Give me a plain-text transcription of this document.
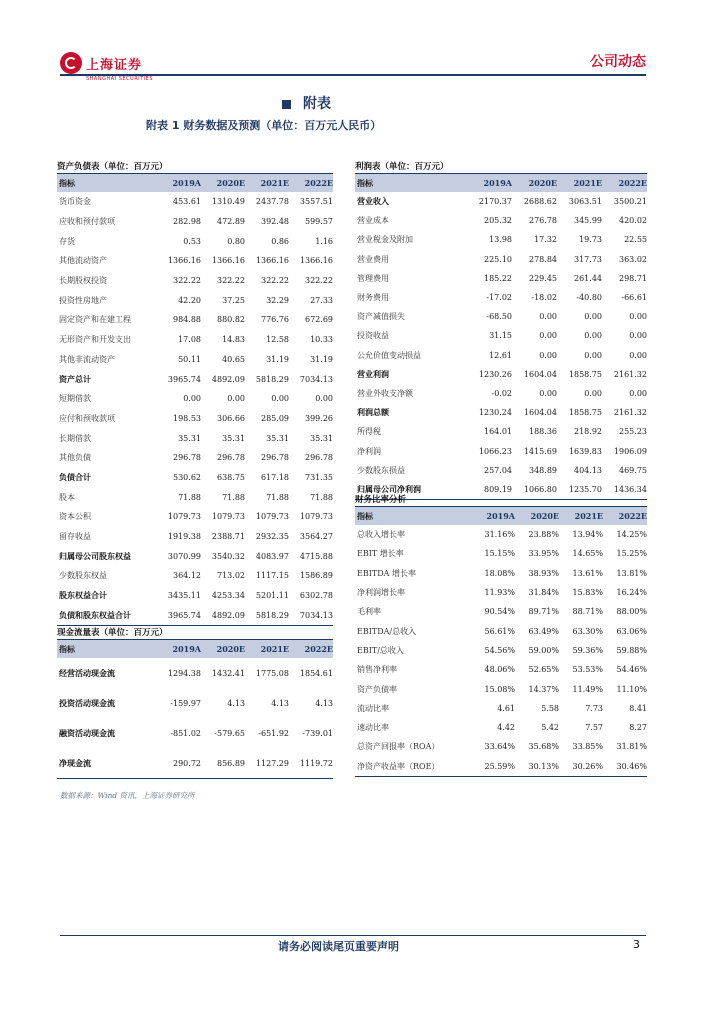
上海证券
SHANGHAI SECURITIES
公司动态
附表
附表 1 财务数据及预测（单位：百万元人民币）
资产负债表（单位：百万元）
指标	2019A	2020E	2021E	2022E
货币资金	453.61	1310.49	2437.78	3557.51
应收和预付款项	282.98	472.89	392.48	599.57
存货	0.53	0.80	0.86	1.16
其他流动资产	1366.16	1366.16	1366.16	1366.16
长期股权投资	322.22	322.22	322.22	322.22
投资性房地产	42.20	37.25	32.29	27.33
固定资产和在建工程	984.88	880.82	776.76	672.69
无形资产和开发支出	17.08	14.83	12.58	10.33
其他非流动资产	50.11	40.65	31.19	31.19
资产总计	3965.74	4892.09	5818.29	7034.13
短期借款	0.00	0.00	0.00	0.00
应付和预收款项	198.53	306.66	285.09	399.26
长期借款	35.31	35.31	35.31	35.31
其他负债	296.78	296.78	296.78	296.78
负债合计	530.62	638.75	617.18	731.35
股本	71.88	71.88	71.88	71.88
资本公积	1079.73	1079.73	1079.73	1079.73
留存收益	1919.38	2388.71	2932.35	3564.27
归属母公司股东权益	3070.99	3540.32	4083.97	4715.88
少数股东权益	364.12	713.02	1117.15	1586.89
股东权益合计	3435.11	4253.34	5201.11	6302.78
负债和股东权益合计	3965.74	4892.09	5818.29	7034.13
现金流量表（单位：百万元）
指标	2019A	2020E	2021E	2022E
经营活动现金流	1294.38	1432.41	1775.08	1854.61
投资活动现金流	-159.97	4.13	4.13	4.13
融资活动现金流	-851.02	-579.65	-651.92	-739.01
净现金流	290.72	856.89	1127.29	1119.72
利润表（单位：百万元）
指标	2019A	2020E	2021E	2022E
营业收入	2170.37	2688.62	3063.51	3500.21
营业成本	205.32	276.78	345.99	420.02
营业税金及附加	13.98	17.32	19.73	22.55
营业费用	225.10	278.84	317.73	363.02
管理费用	185.22	229.45	261.44	298.71
财务费用	-17.02	-18.02	-40.80	-66.61
资产减值损失	-68.50	0.00	0.00	0.00
投资收益	31.15	0.00	0.00	0.00
公允价值变动损益	12.61	0.00	0.00	0.00
营业利润	1230.26	1604.04	1858.75	2161.32
营业外收支净额	-0.02	0.00	0.00	0.00
利润总额	1230.24	1604.04	1858.75	2161.32
所得税	164.01	188.36	218.92	255.23
净利润	1066.23	1415.69	1639.83	1906.09
少数股东损益	257.04	348.89	404.13	469.75
归属母公司净利润	809.19	1066.80	1235.70	1436.34
财务比率分析
指标	2019A	2020E	2021E	2022E
总收入增长率	31.16%	23.88%	13.94%	14.25%
EBIT 增长率	15.15%	33.95%	14.65%	15.25%
EBITDA 增长率	18.08%	38.93%	13.61%	13.81%
净利润增长率	11.93%	31.84%	15.83%	16.24%
毛利率	90.54%	89.71%	88.71%	88.00%
EBITDA/总收入	56.61%	63.49%	63.30%	63.06%
EBIT/总收入	54.56%	59.00%	59.36%	59.88%
销售净利率	48.06%	52.65%	53.53%	54.46%
资产负债率	15.08%	14.37%	11.49%	11.10%
流动比率	4.61	5.58	7.73	8.41
速动比率	4.42	5.42	7.57	8.27
总资产回报率（ROA）	33.64%	35.68%	33.85%	31.81%
净资产收益率（ROE）	25.59%	30.13%	30.26%	30.46%
数据来源：Wind 资讯，上海证券研究所
请务必阅读尾页重要声明	3
